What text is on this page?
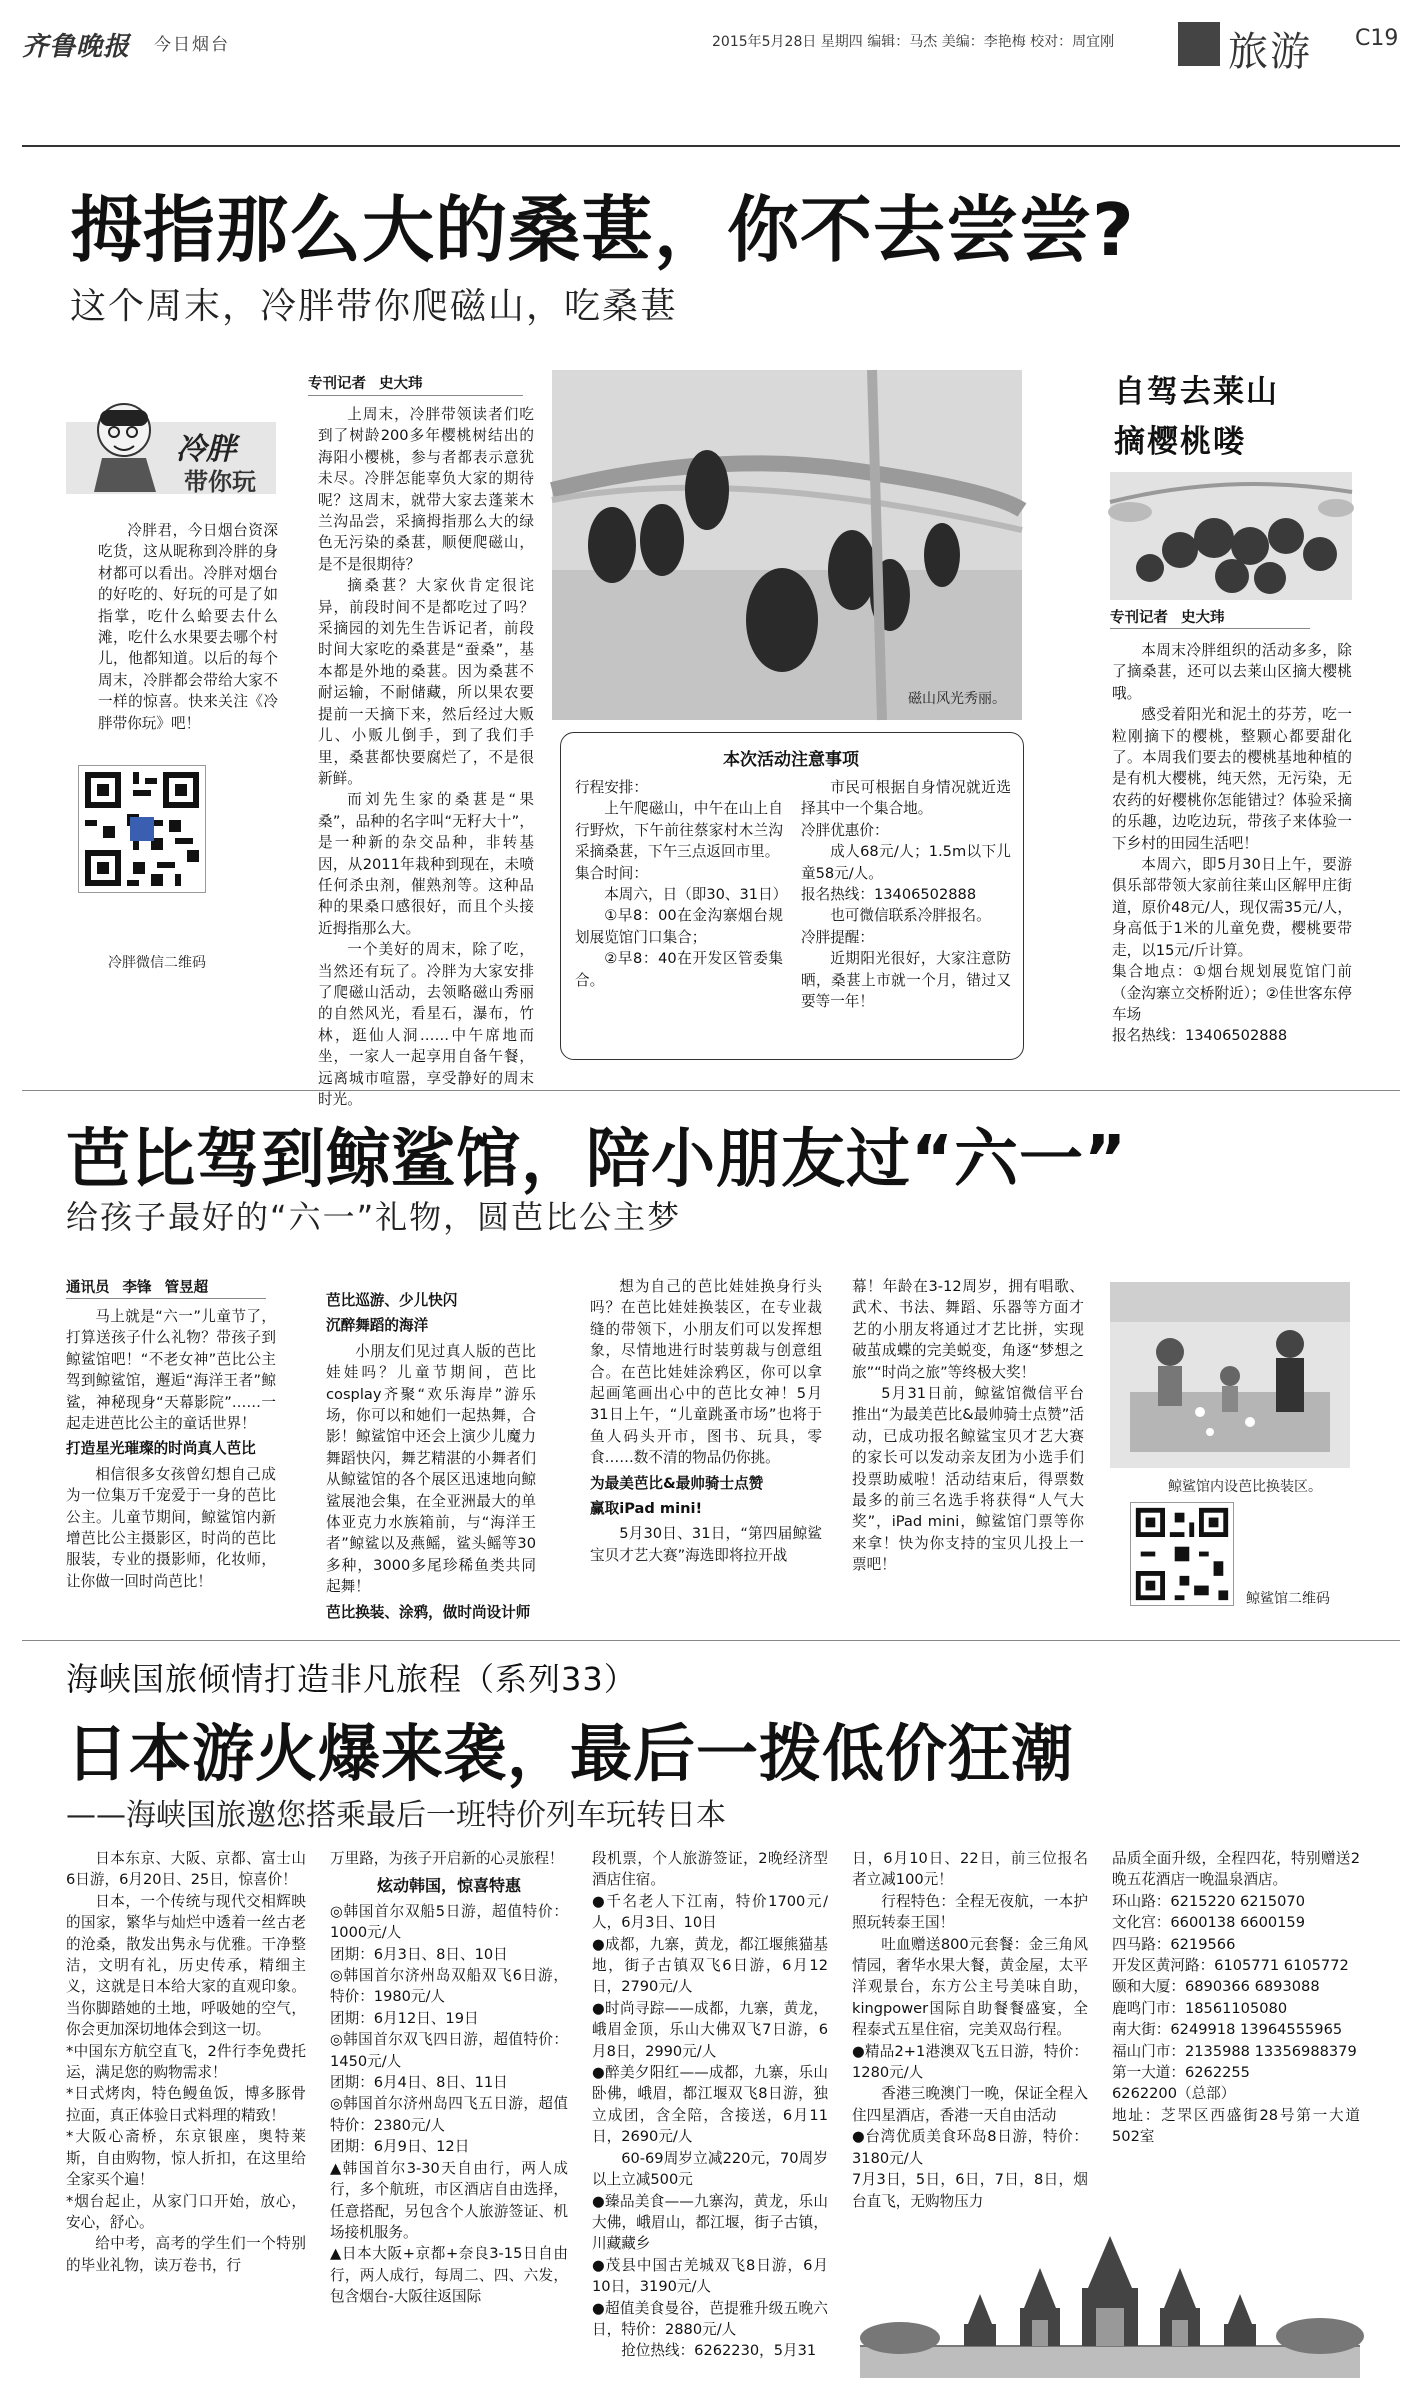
齐鲁晚报 今日烟台	2015年5月28日 星期四 编辑：马杰 美编：李艳梅 校对：周宜刚	旅游 C19
拇指那么大的桑葚，你不去尝尝?
这个周末，冷胖带你爬磁山，吃桑葚
冷胖
带你玩

冷胖君，今日烟台资深吃货，这从昵称到冷胖的身材都可以看出。冷胖对烟台的好吃的、好玩的可是了如指掌，吃什么蛤要去什么滩，吃什么水果要去哪个村儿，他都知道。以后的每个周末，冷胖都会带给大家不一样的惊喜。快来关注《冷胖带你玩》吧！

冷胖微信二维码
专刊记者 史大玮

上周末，冷胖带领读者们吃到了树龄200多年樱桃树结出的海阳小樱桃，参与者都表示意犹未尽。冷胖怎能辜负大家的期待呢？这周末，就带大家去蓬莱木兰沟品尝，采摘拇指那么大的绿色无污染的桑葚，顺便爬磁山，是不是很期待？

摘桑葚？大家伙肯定很诧异，前段时间不是都吃过了吗？采摘园的刘先生告诉记者，前段时间大家吃的桑葚是“蚕桑”，基本都是外地的桑葚。因为桑葚不耐运输，不耐储藏，所以果农要提前一天摘下来，然后经过大贩儿、小贩儿倒手，到了我们手里，桑葚都快要腐烂了，不是很新鲜。

而刘先生家的桑葚是“果桑”，品种的名字叫“无籽大十”，是一种新的杂交品种，非转基因，从2011年栽种到现在，未喷任何杀虫剂，催熟剂等。这种品种的果桑口感很好，而且个头接近拇指那么大。

一个美好的周末，除了吃，当然还有玩了。冷胖为大家安排了爬磁山活动，去领略磁山秀丽的自然风光，看星石，瀑布，竹林，逛仙人洞……中午席地而坐，一家人一起享用自备午餐，远离城市喧嚣，享受静好的周末时光。

磁山风光秀丽。
本次活动注意事项

行程安排：

上午爬磁山，中午在山上自行野炊，下午前往蔡家村木兰沟采摘桑葚，下午三点返回市里。

集合时间：

本周六，日（即30、31日）

①早8：00在金沟寨烟台规划展览馆门口集合；

②早8：40在开发区管委集合。

市民可根据自身情况就近选择其中一个集合地。

冷胖优惠价：

成人68元/人；1.5m以下儿童58元/人。

报名热线：13406502888

也可微信联系冷胖报名。

冷胖提醒：

近期阳光很好，大家注意防晒，桑葚上市就一个月，错过又要等一年！

自驾去莱山
摘樱桃喽
专刊记者 史大玮

本周末冷胖组织的活动多多，除了摘桑葚，还可以去莱山区摘大樱桃哦。

感受着阳光和泥土的芬芳，吃一粒刚摘下的樱桃，整颗心都要甜化了。本周我们要去的樱桃基地种植的是有机大樱桃，纯天然，无污染，无农药的好樱桃你怎能错过？体验采摘的乐趣，边吃边玩，带孩子来体验一下乡村的田园生活吧！

本周六，即5月30日上午，要游俱乐部带领大家前往莱山区解甲庄街道，原价48元/人，现仅需35元/人，身高低于1米的儿童免费，樱桃要带走，以15元/斤计算。

集合地点：①烟台规划展览馆门前（金沟寨立交桥附近）；②佳世客东停车场

报名热线：13406502888

芭比驾到鲸鲨馆，陪小朋友过“六一”
给孩子最好的“六一”礼物，圆芭比公主梦
通讯员 李锋 管昱超

马上就是“六一”儿童节了，打算送孩子什么礼物？带孩子到鲸鲨馆吧！“不老女神”芭比公主驾到鲸鲨馆，邂逅“海洋王者”鲸鲨，神秘现身“天幕影院”……一起走进芭比公主的童话世界！

打造星光璀璨的时尚真人芭比

相信很多女孩曾幻想自己成为一位集万千宠爱于一身的芭比公主。儿童节期间，鲸鲨馆内新增芭比公主摄影区，时尚的芭比服装，专业的摄影师，化妆师，让你做一回时尚芭比！

芭比巡游、少儿快闪

沉醉舞蹈的海洋

小朋友们见过真人版的芭比娃娃吗？儿童节期间，芭比cosplay齐聚“欢乐海岸”游乐场，你可以和她们一起热舞，合影！鲸鲨馆中还会上演少儿魔力舞蹈快闪，舞艺精湛的小舞者们从鲸鲨馆的各个展区迅速地向鲸鲨展池会集，在全亚洲最大的单体亚克力水族箱前，与“海洋王者”鲸鲨以及燕鳐，鲨头鳐等30多种，3000多尾珍稀鱼类共同起舞！

芭比换装、涂鸦，做时尚设计师

想为自己的芭比娃娃换身行头吗？在芭比娃娃换装区，在专业裁缝的带领下，小朋友们可以发挥想象，尽情地进行时装剪裁与创意组合。在芭比娃娃涂鸦区，你可以拿起画笔画出心中的芭比女神！5月31日上午，“儿童跳蚤市场”也将于鱼人码头开市，图书、玩具，零食……数不清的物品仍你挑。

为最美芭比&最帅骑士点赞

赢取iPad mini!

5月30日、31日，“第四届鲸鲨宝贝才艺大赛”海选即将拉开战

幕！年龄在3-12周岁，拥有唱歌、武术、书法、舞蹈、乐器等方面才艺的小朋友将通过才艺比拼，实现破茧成蝶的完美蜕变，角逐“梦想之旅”“时尚之旅”等终极大奖！

5月31日前，鲸鲨馆微信平台推出“为最美芭比&最帅骑士点赞”活动，已成功报名鲸鲨宝贝才艺大赛的家长可以发动亲友团为小选手们投票助威啦！活动结束后，得票数最多的前三名选手将获得“人气大奖”，iPad mini，鲸鲨馆门票等你来拿！快为你支持的宝贝儿投上一票吧！

鲸鲨馆内设芭比换装区。
鲸鲨馆二维码
海峡国旅倾情打造非凡旅程（系列33）
日本游火爆来袭，最后一拨低价狂潮
——海峡国旅邀您搭乘最后一班特价列车玩转日本

日本东京、大阪、京都、富士山6日游，6月20日、25日，惊喜价！

日本，一个传统与现代交相辉映的国家，繁华与灿烂中透着一丝古老的沧桑，散发出隽永与优雅。干净整洁，文明有礼，历史传承，精细主义，这就是日本给大家的直观印象。当你脚踏她的土地，呼吸她的空气，你会更加深切地体会到这一切。

*中国东方航空直飞，2件行李免费托运，满足您的购物需求！

*日式烤肉，特色鳗鱼饭，博多豚骨拉面，真正体验日式料理的精致！

*大阪心斋桥，东京银座，奥特莱斯，自由购物，惊人折扣，在这里给全家买个遍！

*烟台起止，从家门口开始，放心，安心，舒心。

给中考，高考的学生们一个特别的毕业礼物，读万卷书，行

万里路，为孩子开启新的心灵旅程！

炫动韩国，惊喜特惠

◎韩国首尔双船5日游，超值特价：1000元/人

团期：6月3日、8日、10日

◎韩国首尔济州岛双船双飞6日游，特价：1980元/人

团期：6月12日、19日

◎韩国首尔双飞四日游，超值特价：1450元/人

团期：6月4日、8日、11日

◎韩国首尔济州岛四飞五日游，超值特价：2380元/人

团期：6月9日、12日

▲韩国首尔3-30天自由行，两人成行，多个航班，市区酒店自由选择，任意搭配，另包含个人旅游签证、机场接机服务。

▲日本大阪+京都+奈良3-15日自由行，两人成行，每周二、四、六发，包含烟台-大阪往返国际

段机票，个人旅游签证，2晚经济型酒店住宿。

●千名老人下江南，特价1700元/人，6月3日、10日

●成都，九寨，黄龙，都江堰熊猫基地，街子古镇双飞6日游，6月12日，2790元/人

●时尚寻踪——成都，九寨，黄龙，峨眉金顶，乐山大佛双飞7日游，6月8日，2990元/人

●醉美夕阳红——成都，九寨，乐山卧佛，峨眉，都江堰双飞8日游，独立成团，含全陪，含接送，6月11日，2690元/人

60-69周岁立减220元，70周岁以上立减500元

●臻品美食——九寨沟，黄龙，乐山大佛，峨眉山，都江堰，街子古镇，川藏藏乡

●茂县中国古羌城双飞8日游，6月10日，3190元/人

●超值美食曼谷，芭提雅升级五晚六日，特价：2880元/人

抢位热线：6262230，5月31

日，6月10日、22日，前三位报名者立减100元！

行程特色：全程无夜航，一本护照玩转泰王国！

吐血赠送800元套餐：金三角风情园，奢华水果大餐，黄金屋，太平洋观景台，东方公主号美味自助，kingpower国际自助餐餐盛宴，全程泰式五星住宿，完美双岛行程。

●精品2+1港澳双飞五日游，特价：1280元/人

香港三晚澳门一晚，保证全程入住四星酒店，香港一天自由活动

●台湾优质美食环岛8日游，特价：3180元/人

7月3日，5日，6日，7日，8日，烟台直飞，无购物压力

品质全面升级，全程四花，特别赠送2晚五花酒店一晚温泉酒店。

环山路：6215220 6215070

文化宫：6600138 6600159

四马路：6219566

开发区黄河路：6105771 6105772

颐和大厦：6890366 6893088

鹿鸣门市：18561105080

南大街：6249918 13964555965

福山门市：2135988 13356988379

第一大道：6262255

6262200（总部）

地址：芝罘区西盛街28号第一大道502室
